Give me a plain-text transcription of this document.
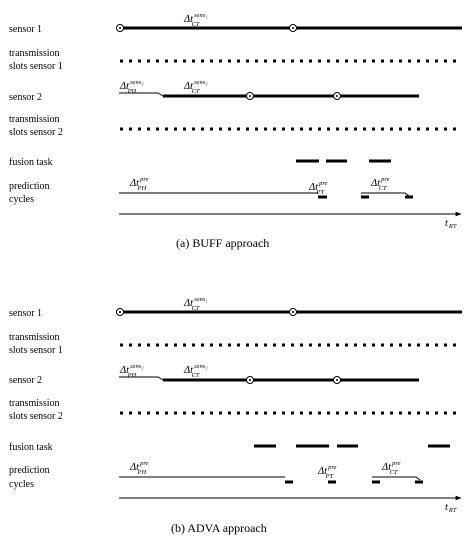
sensor 1
transmission
slots sensor 1
sensor 2
transmission
slots sensor 2
fusion task
prediction
cycles
$\Delta t^{sens_1}$ CT
$\Delta t^{sens_2}$ PH	$\Delta t^{sens_2}$ CT
$\Delta t^{pre}$ PH	$\Delta t^{pre}$ PT
$\Delta t^{pre}$ CT
tRT
(a) BUFF approach
sensor 1
transmission
slots sensor 1
sensor 2
transmission
slots sensor 2
fusion task
prediction
cycles
$\Delta t^{sens_1}$ CT
$\Delta t^{sens_2}$ PH	$\Delta t^{sens_2}$ CT
$\Delta t^{pre}$ PH	$\Delta t^{pre}$ PT
$\Delta t^{pre}$ CT
tRT
(b) ADVA approach
